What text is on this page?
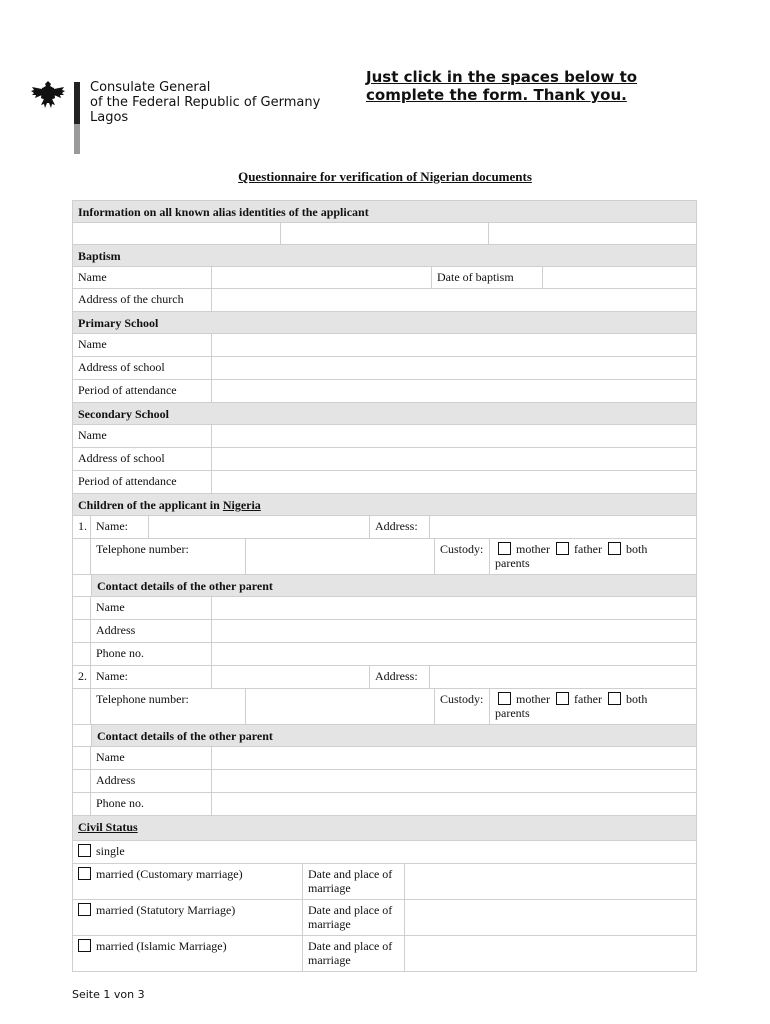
Consulate General
of the Federal Republic of Germany
Lagos
Just click in the spaces below to
complete the form. Thank you.
Questionnaire for verification of Nigerian documents
Information on all known alias identities of the applicant
Baptism
Name	Date of baptism
Address of the church
Primary School
Name
Address of school
Period of attendance
Secondary School
Name
Address of school
Period of attendance
Children of the applicant in Nigeria
1. Name:	Address:
Telephone number:	Custody:	mother father both
parents
Contact details of the other parent
Name
Address
Phone no.
2. Name:	Address:
Telephone number:	Custody:	mother father both
parents
Contact details of the other parent
Name
Address
Phone no.
Civil Status
single
married (Customary marriage)	Date and place of
marriage
married (Statutory Marriage)	Date and place of
marriage
married (Islamic Marriage)	Date and place of
marriage
Seite 1 von 3
